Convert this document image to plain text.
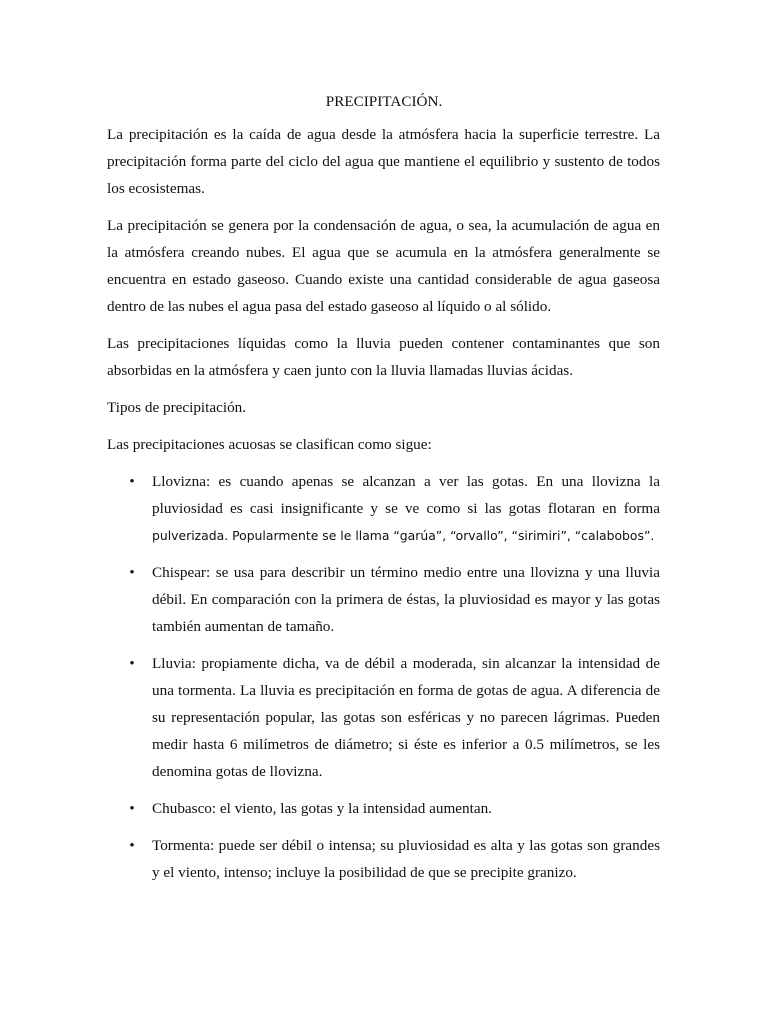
PRECIPITACIÓN.

La precipitación es la caída de agua desde la atmósfera hacia la superficie terrestre. La precipitación forma parte del ciclo del agua que mantiene el equilibrio y sustento de todos los ecosistemas.

La precipitación se genera por la condensación de agua, o sea, la acumulación de agua en la atmósfera creando nubes. El agua que se acumula en la atmósfera generalmente se encuentra en estado gaseoso. Cuando existe una cantidad considerable de agua gaseosa dentro de las nubes el agua pasa del estado gaseoso al líquido o al sólido.

Las precipitaciones líquidas como la lluvia pueden contener contaminantes que son absorbidas en la atmósfera y caen junto con la lluvia llamadas lluvias ácidas.

Tipos de precipitación.

Las precipitaciones acuosas se clasifican como sigue:

• Llovizna: es cuando apenas se alcanzan a ver las gotas. En una llovizna la pluviosidad es casi insignificante y se ve como si las gotas flotaran en forma pulverizada. Popularmente se le llama “garúa”, “orvallo”, “sirimiri”, “calabobos”.
• Chispear: se usa para describir un término medio entre una llovizna y una lluvia débil. En comparación con la primera de éstas, la pluviosidad es mayor y las gotas también aumentan de tamaño.
• Lluvia: propiamente dicha, va de débil a moderada, sin alcanzar la intensidad de una tormenta. La lluvia es precipitación en forma de gotas de agua. A diferencia de su representación popular, las gotas son esféricas y no parecen lágrimas. Pueden medir hasta 6 milímetros de diámetro; si éste es inferior a 0.5 milímetros, se les denomina gotas de llovizna.
• Chubasco: el viento, las gotas y la intensidad aumentan.
• Tormenta: puede ser débil o intensa; su pluviosidad es alta y las gotas son grandes y el viento, intenso; incluye la posibilidad de que se precipite granizo.
